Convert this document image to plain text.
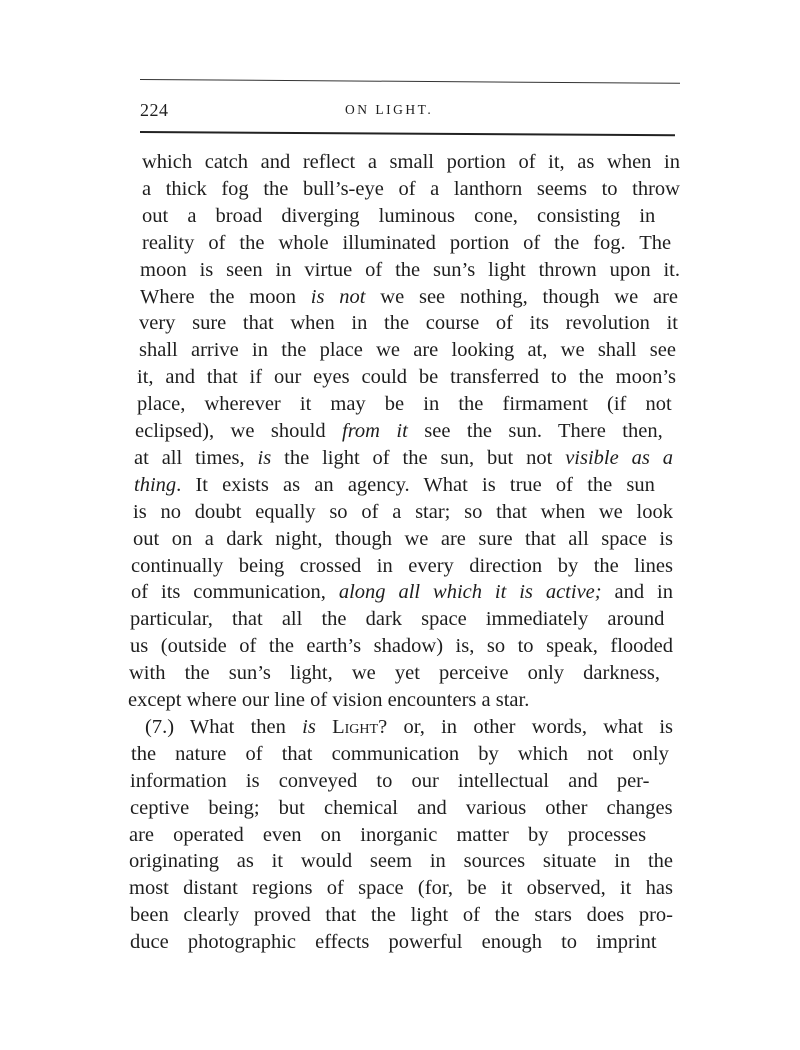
224	ON LIGHT.
which catch and reflect a small portion of it, as when in
a thick fog the bull’s-eye of a lanthorn seems to throw
out a broad diverging luminous cone, consisting in
reality of the whole illuminated portion of the fog. The
moon is seen in virtue of the sun’s light thrown upon it.
Where the moon is not we see nothing, though we are
very sure that when in the course of its revolution it
shall arrive in the place we are looking at, we shall see
it, and that if our eyes could be transferred to the moon’s
place, wherever it may be in the firmament (if not
eclipsed), we should from it see the sun. There then,
at all times, is the light of the sun, but not visible as a
thing. It exists as an agency. What is true of the sun
is no doubt equally so of a star; so that when we look
out on a dark night, though we are sure that all space is
continually being crossed in every direction by the lines
of its communication, along all which it is active; and in
particular, that all the dark space immediately around
us (outside of the earth’s shadow) is, so to speak, flooded
with the sun’s light, we yet perceive only darkness,
except where our line of vision encounters a star.
(7.) What then is Light? or, in other words, what is
the nature of that communication by which not only
information is conveyed to our intellectual and per-
ceptive being; but chemical and various other changes
are operated even on inorganic matter by processes
originating as it would seem in sources situate in the
most distant regions of space (for, be it observed, it has
been clearly proved that the light of the stars does pro-
duce photographic effects powerful enough to imprint
